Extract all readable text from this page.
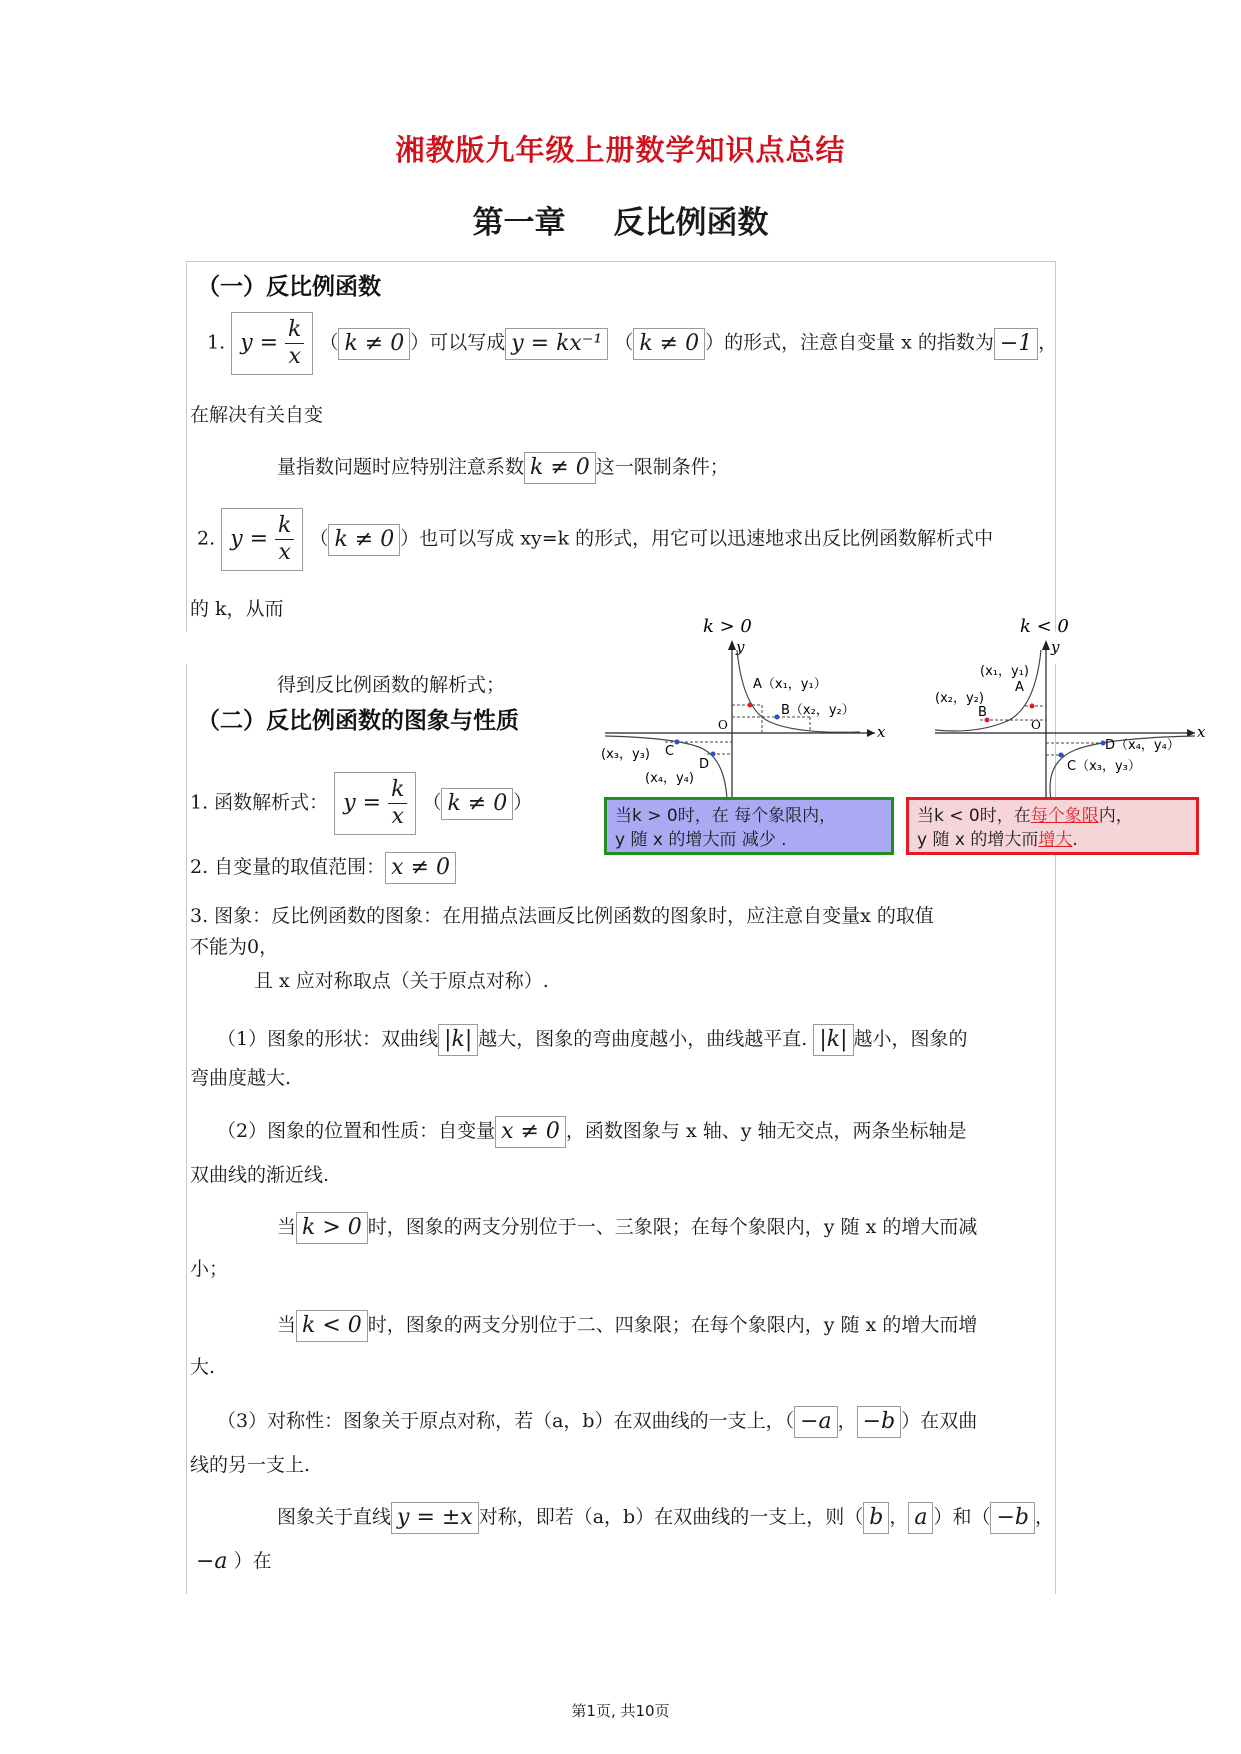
湘教版九年级上册数学知识点总结
第一章 反比例函数
（一）反比例函数
1. $y = \frac{k}{x}$ （ k ≠ 0 ）可以写成 y = kx⁻¹ （ k ≠ 0 ）的形式，注意自变量 x 的指数为 −1 ，
在解决有关自变
量指数问题时应特别注意系数 k ≠ 0 这一限制条件；
2. $y = \frac{k}{x}$ （ k ≠ 0 ）也可以写成 xy=k 的形式，用它可以迅速地求出反比例函数解析式中
的 k，从而
得到反比例函数的解析式；
（二）反比例函数的图象与性质
1. 函数解析式： $y = \frac{k}{x}$ （ k ≠ 0 ）
2. 自变量的取值范围： x ≠ 0
3. 图象：反比例函数的图象：在用描点法画反比例函数的图象时，应注意自变量x 的取值
不能为0，
且 x 应对称取点（关于原点对称）.
（1）图象的形状：双曲线 |k| 越大，图象的弯曲度越小，曲线越平直. |k| 越小，图象的
弯曲度越大.
（2）图象的位置和性质：自变量 x ≠ 0 ，函数图象与 x 轴、y 轴无交点，两条坐标轴是
双曲线的渐近线.
当 k > 0 时，图象的两支分别位于一、三象限；在每个象限内，y 随 x 的增大而减
小；
当 k < 0 时，图象的两支分别位于二、四象限；在每个象限内，y 随 x 的增大而增
大.
（3）对称性：图象关于原点对称，若（a，b）在双曲线的一支上，（ −a ， −b ）在双曲
线的另一支上.
图象关于直线 y = ±x 对称，即若（a，b）在双曲线的一支上，则（ b ， a ）和（ −b ，
−a ）在
k > 0
x
y
O
A（x₁，y₁）
B（x₂，y₂）
(x₃，y₃) C
(x₄，y₄)
D
k < 0
x
y
O
(x₁，y₁)
A
(x₂，y₂)
B
D（x₄，y₄）
C（x₃，y₃）
当k > 0时，在 每个象限内，
y 随 x 的增大而 减少 .
当k < 0时，在每个象限内，
y 随 x 的增大而增大.
第1页, 共10页
